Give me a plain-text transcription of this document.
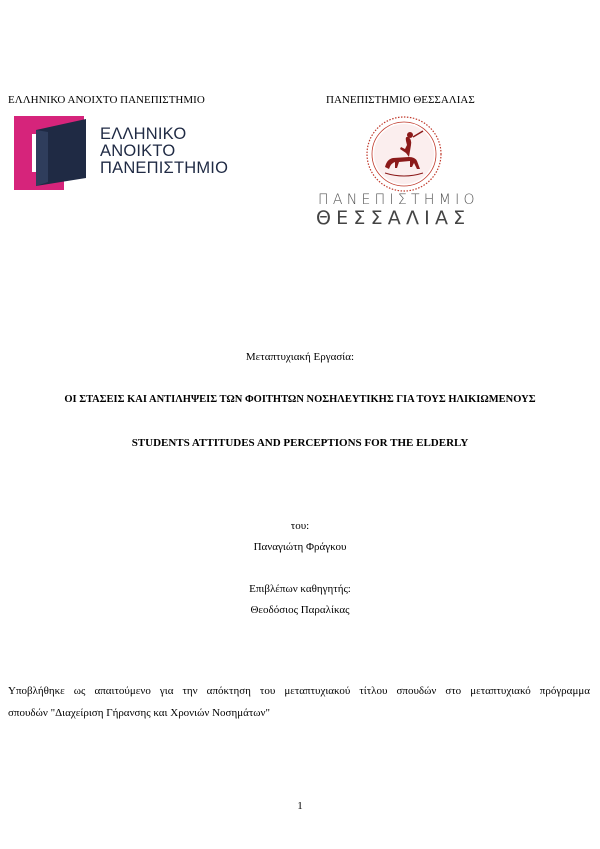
ΕΛΛΗΝΙΚΟ ΑΝΟΙΧΤΟ ΠΑΝΕΠΙΣΤΗΜΙΟ	ΠΑΝΕΠΙΣΤΗΜΙΟ ΘΕΣΣΑΛΙΑΣ
ΕΛΛΗΝΙΚΟ
ΑΝΟΙΚΤΟ
ΠΑΝΕΠΙΣΤΗΜΙΟ
ΠΑΝΕΠΙΣΤΗΜΙΟ
ΘΕΣΣΑΛΙΑΣ
Μεταπτυχιακή Εργασία:
ΟΙ ΣΤΑΣΕΙΣ ΚΑΙ ΑΝΤΙΛΗΨΕΙΣ ΤΩΝ ΦΟΙΤΗΤΩΝ ΝΟΣΗΛΕΥΤΙΚΗΣ ΓΙΑ ΤΟΥΣ ΗΛΙΚΙΩΜΕΝΟΥΣ
STUDENTS ATTITUDES AND PERCEPTIONS FOR THE ELDERLY
του:
Παναγιώτη Φράγκου
Επιβλέπων καθηγητής:
Θεοδόσιος Παραλίκας
Υποβλήθηκε ως απαιτούμενο για την απόκτηση του μεταπτυχιακού τίτλου σπουδών στο μεταπτυχιακό πρόγραμμα
σπουδών "Διαχείριση Γήρανσης και Χρονιών Νοσημάτων"
1
